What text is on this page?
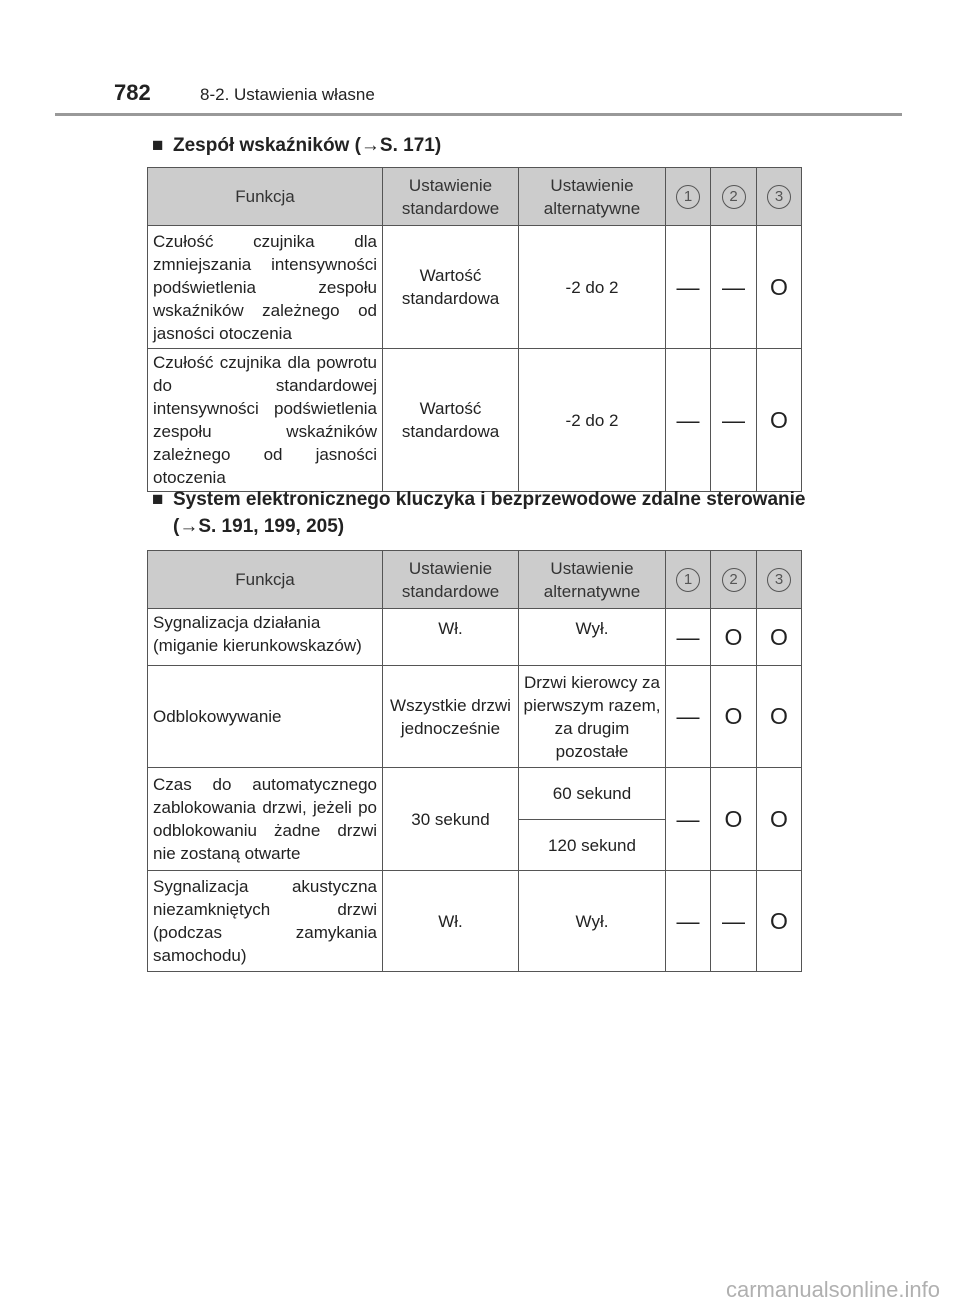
782	8-2. Ustawienia własne
■ Zespół wskaźników (→S. 171)
Funkcja	Ustawienie standardowe	Ustawienie alternatywne	1	2	3
Czułość czujnika dla zmniejszania intensywności podświetlenia zespołu wskaźników zależnego od jasności otoczenia	Wartość standardowa	-2 do 2	—	—	O
Czułość czujnika dla powrotu do standardowej intensywności podświetlenia zespołu wskaźników zależnego od jasności otoczenia	Wartość standardowa	-2 do 2	—	—	O
■ System elektronicznego kluczyka i bezprzewodowe zdalne sterowanie (→S. 191, 199, 205)
Funkcja	Ustawienie standardowe	Ustawienie alternatywne	1	2	3
Sygnalizacja działania (miganie kierunkowskazów)	Wł.	Wył.	—	O	O
Odblokowywanie	Wszystkie drzwi jednocześnie	Drzwi kierowcy za pierwszym razem, za drugim pozostałe	—	O	O
Czas do automatycznego zablokowania drzwi, jeżeli po odblokowaniu żadne drzwi nie zostaną otwarte	30 sekund	60 sekund	—	O	O
		120 sekund			
Sygnalizacja akustyczna niezamkniętych drzwi (podczas zamykania samochodu)	Wł.	Wył.	—	—	O
carmanualsonline.info
